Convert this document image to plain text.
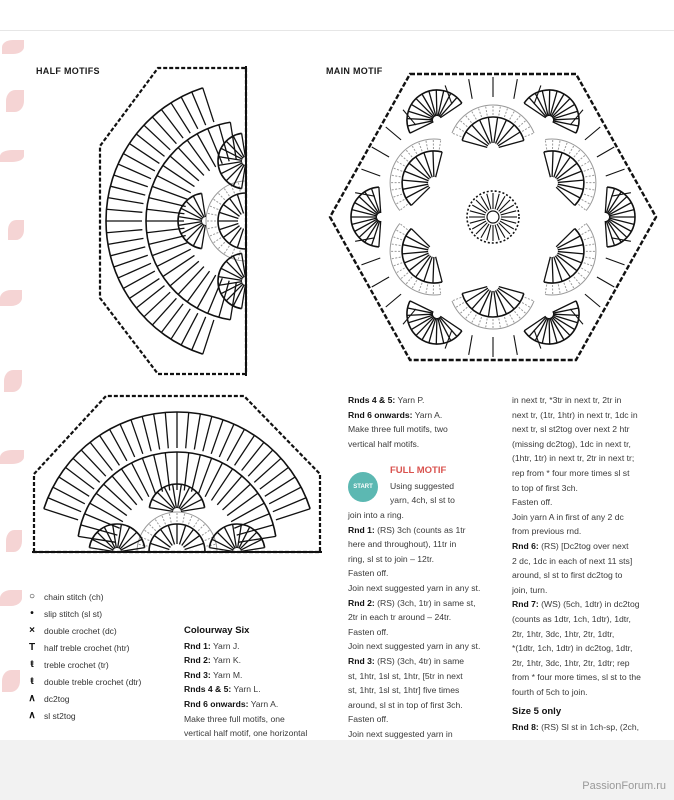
HALF MOTIFS	MAIN MOTIF
○	chain stitch (ch)
•	slip stitch (sl st)
×	double crochet (dc)
T	half treble crochet (htr)
ŧ	treble crochet (tr)
ŧ	double treble crochet (dtr)
∧ dc2tog
∧ sl st2tog

Colourway Six

Rnd 1: Yarn J.

Rnd 2: Yarn K.

Rnd 3: Yarn M.

Rnds 4 & 5: Yarn L.

Rnd 6 onwards: Yarn A.

Make three full motifs, one

vertical half motif, one horizontal

Rnds 4 & 5: Yarn P.

Rnd 6 onwards: Yarn A.

Make three full motifs, two

vertical half motifs.

START

FULL MOTIF

Using suggested

yarn, 4ch, sl st to

join into a ring.

Rnd 1: (RS) 3ch (counts as 1tr

here and throughout), 11tr in

ring, sl st to join – 12tr.

Fasten off.

Join next suggested yarn in any st.

Rnd 2: (RS) (3ch, 1tr) in same st,

2tr in each tr around – 24tr.

Fasten off.

Join next suggested yarn in any st.

Rnd 3: (RS) (3ch, 4tr) in same

st, 1htr, 1sl st, 1htr, [5tr in next

st, 1htr, 1sl st, 1htr] five times

around, sl st in top of first 3ch.

Fasten off.

Join next suggested yarn in

in next tr, *3tr in next tr, 2tr in

next tr, (1tr, 1htr) in next tr, 1dc in

next tr, sl st2tog over next 2 htr

(missing dc2tog), 1dc in next tr,

(1htr, 1tr) in next tr, 2tr in next tr;

rep from * four more times sl st

to top of first 3ch.

Fasten off.

Join yarn A in first of any 2 dc

from previous rnd.

Rnd 6: (RS) [Dc2tog over next

2 dc, 1dc in each of next 11 sts]

around, sl st to first dc2tog to

join, turn.

Rnd 7: (WS) (5ch, 1dtr) in dc2tog

(counts as 1dtr, 1ch, 1dtr), 1dtr,

2tr, 1htr, 3dc, 1htr, 2tr, 1dtr,

*(1dtr, 1ch, 1dtr) in dc2tog, 1dtr,

2tr, 1htr, 3dc, 1htr, 2tr, 1dtr; rep

from * four more times, sl st to the

fourth of 5ch to join.

Size 5 only

Rnd 8: (RS) Sl st in 1ch-sp, (2ch,

PassionForum.ru
